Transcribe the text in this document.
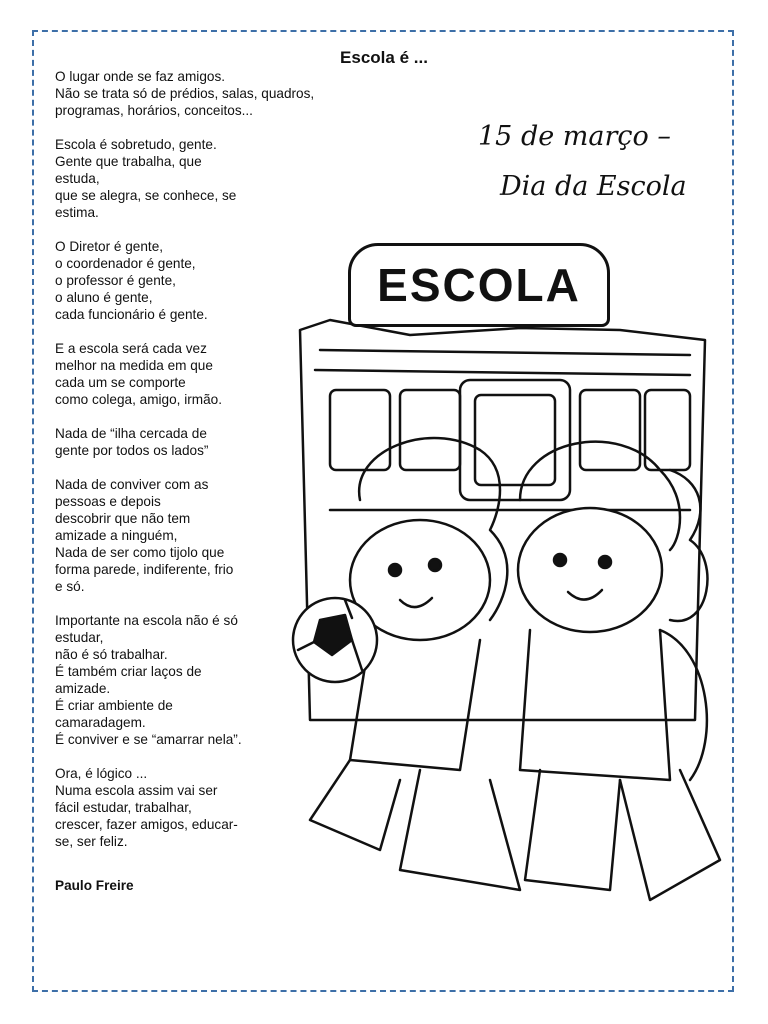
Escola é ...

O lugar onde se faz amigos.
Não se trata só de prédios, salas, quadros,
programas, horários, conceitos...

Escola é sobretudo, gente.
Gente que trabalha, que
estuda,
que se alegra, se conhece, se
estima.

O Diretor é gente,
o coordenador é gente,
o professor é gente,
o aluno é gente,
cada funcionário é gente.

E a escola será cada vez
melhor na medida em que
cada um se comporte
como colega, amigo, irmão.

Nada de “ilha cercada de
gente por todos os lados”

Nada de conviver com as
pessoas e depois
descobrir que não tem
amizade a ninguém,
Nada de ser como tijolo que
forma parede, indiferente, frio
e só.

Importante na escola não é só
estudar,
não é só trabalhar.
É também criar laços de
amizade.
É criar ambiente de
camaradagem.
É conviver e se “amarrar nela”.

Ora, é lógico ...
Numa escola assim vai ser
fácil estudar, trabalhar,
crescer, fazer amigos, educar-
se, ser feliz.

Paulo Freire
15 de março –
Dia da Escola
ESCOLA
